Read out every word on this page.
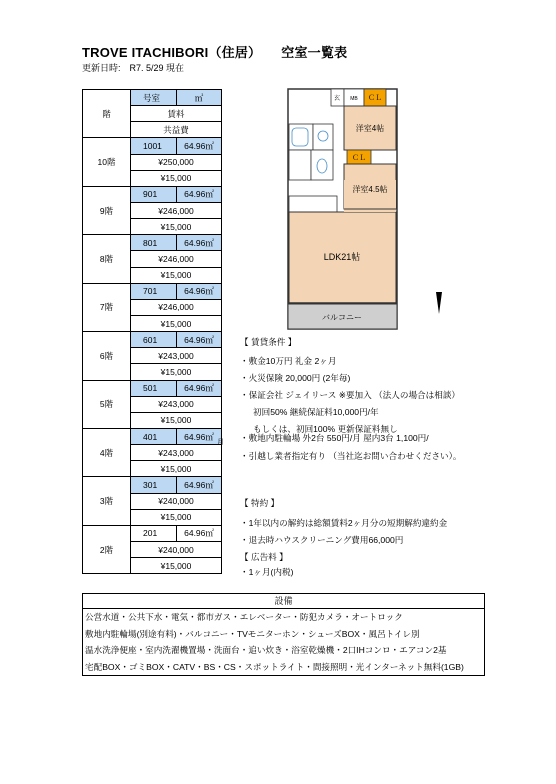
TROVE ITACHIBORI（住居） 空室一覧表
更新日時:　R7. 5/29 現在
階	号室	㎡
	賃料	
	共益費	
10階	1001	64.96㎡
	¥250,000	
	¥15,000	
9階	901	64.96㎡
	¥246,000	
	¥15,000	
8階	801	64.96㎡
	¥246,000	
	¥15,000	
7階	701	64.96㎡
	¥246,000	
	¥15,000	
6階	601	64.96㎡
	¥243,000	
	¥15,000	
5階	501	64.96㎡
	¥243,000	
	¥15,000	
4階	401	64.96㎡
	¥243,000	
	¥15,000	
3階	301	64.96㎡
	¥240,000	
	¥15,000	
2階	201	64.96㎡
	¥240,000	
	¥15,000	
洋室4帖
洋室4.5帖
LDK21帖
バルコニー
ＣＬ
ＣＬ
玄 MB
【 賃貸条件 】
・敷金10万円 礼金 2ヶ月
・火災保険 20,000円 (2年毎)
・保証会社 ジェイリース ※要加入 （法人の場合は相談）
初回50% 継続保証料10,000円/年
もしくは、初回100% 更新保証料無し
・敷地内駐輪場 外2台 550円/月 屋内3台 1,100円/
・引越し業者指定有り （当社迄お問い合わせください）。
【 特約 】
・1年以内の解約は総額賃料2ヶ月分の短期解約違約金
・退去時ハウスクリーニング費用66,000円
【 広告料 】
・1ヶ月(内税)
月
設備
公営水道・公共下水・電気・都市ガス・エレベーター・防犯カメラ・オートロック
敷地内駐輪場(別途有料)・バルコニー・TVモニターホン・シューズBOX・風呂トイレ別
温水洗浄便座・室内洗濯機置場・洗面台・追い炊き・浴室乾燥機・2口IHコンロ・エアコン2基
宅配BOX・ゴミBOX・CATV・BS・CS・スポットライト・間接照明・光インターネット無料(1GB)
